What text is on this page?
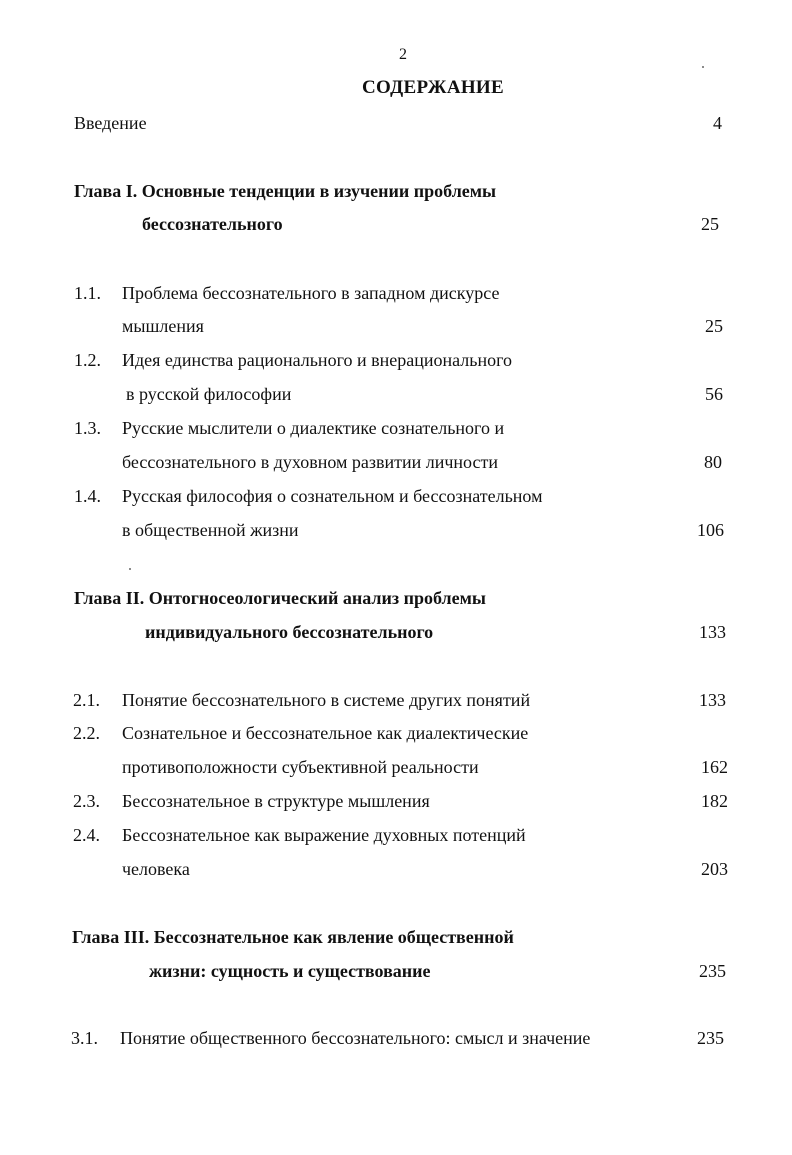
2
СОДЕРЖАНИЕ
Введение	4
Глава I. Основные тенденции в изучении проблемы
бессознательного	25
1.1. Проблема бессознательного в западном дискурсе
мышления	25
1.2. Идея единства рационального и внерационального
в русской философии	56
1.3. Русские мыслители о диалектике сознательного и
бессознательного в духовном развитии личности	80
1.4. Русская философия о сознательном и бессознательном
в общественной жизни	106
Глава II. Онтогносеологический анализ проблемы
индивидуального бессознательного	133
2.1. Понятие бессознательного в системе других понятий	133
2.2. Сознательное и бессознательное как диалектические
противоположности субъективной реальности	162
2.3. Бессознательное в структуре мышления	182
2.4. Бессознательное как выражение духовных потенций
человека	203
Глава III. Бессознательное как явление общественной
жизни: сущность и существование	235
3.1. Понятие общественного бессознательного: смысл и значение	235
